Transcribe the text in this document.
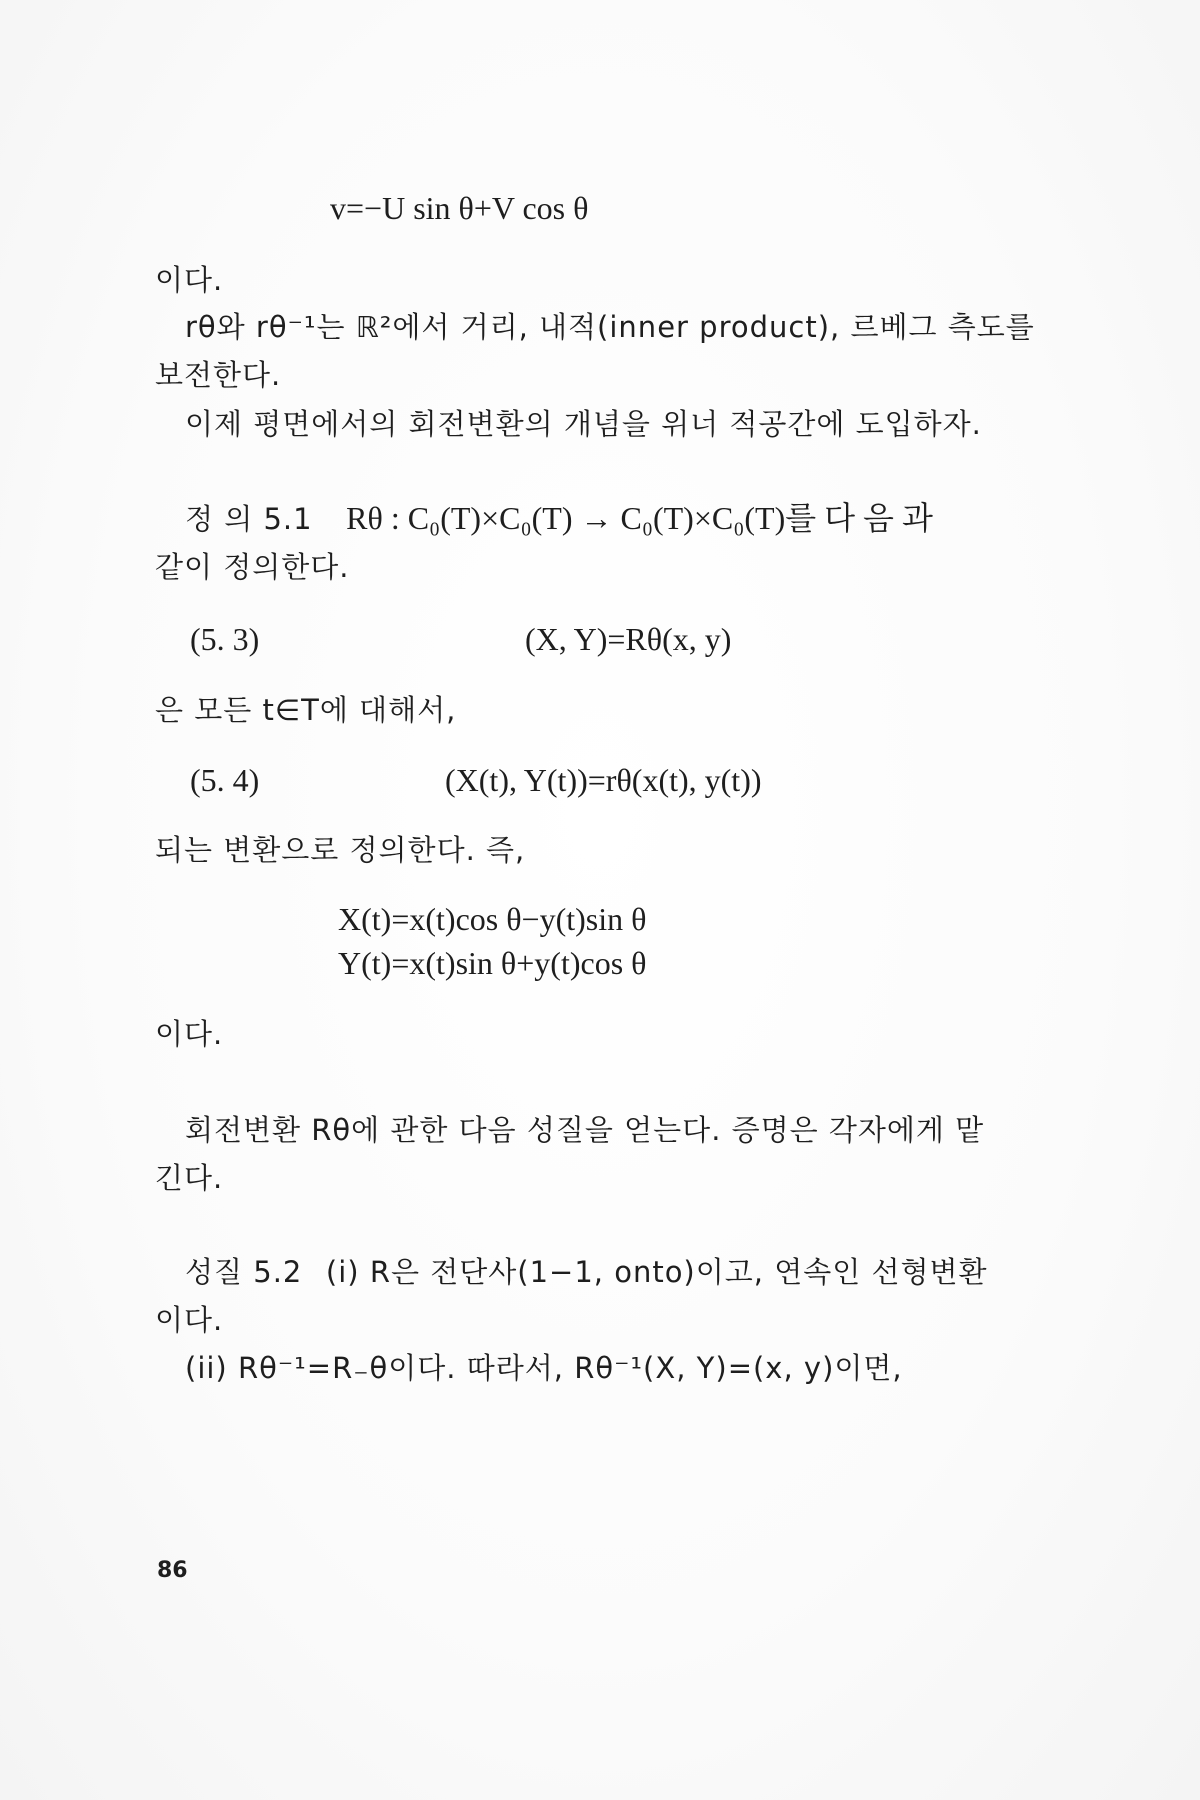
v=−U sin θ+V cos θ
이다.
rθ와 rθ⁻¹는 ℝ²에서 거리, 내적(inner product), 르베그 측도를
보전한다.
이제 평면에서의 회전변환의 개념을 위너 적공간에 도입하자.
정 의 5.1 Rθ : C₀(T)×C₀(T) → C₀(T)×C₀(T)를 다 음 과
같이 정의한다.
(5. 3)	(X, Y)=Rθ(x, y)
은 모든 t∈T에 대해서,
(5. 4)	(X(t), Y(t))=rθ(x(t), y(t))
되는 변환으로 정의한다. 즉,
X(t)=x(t)cos θ−y(t)sin θ
Y(t)=x(t)sin θ+y(t)cos θ
이다.
회전변환 Rθ에 관한 다음 성질을 얻는다. 증명은 각자에게 맡
긴다.
성질 5.2 (i) R은 전단사(1−1, onto)이고, 연속인 선형변환
이다.
(ii) Rθ⁻¹=R₋θ이다. 따라서, Rθ⁻¹(X, Y)=(x, y)이면,
86
